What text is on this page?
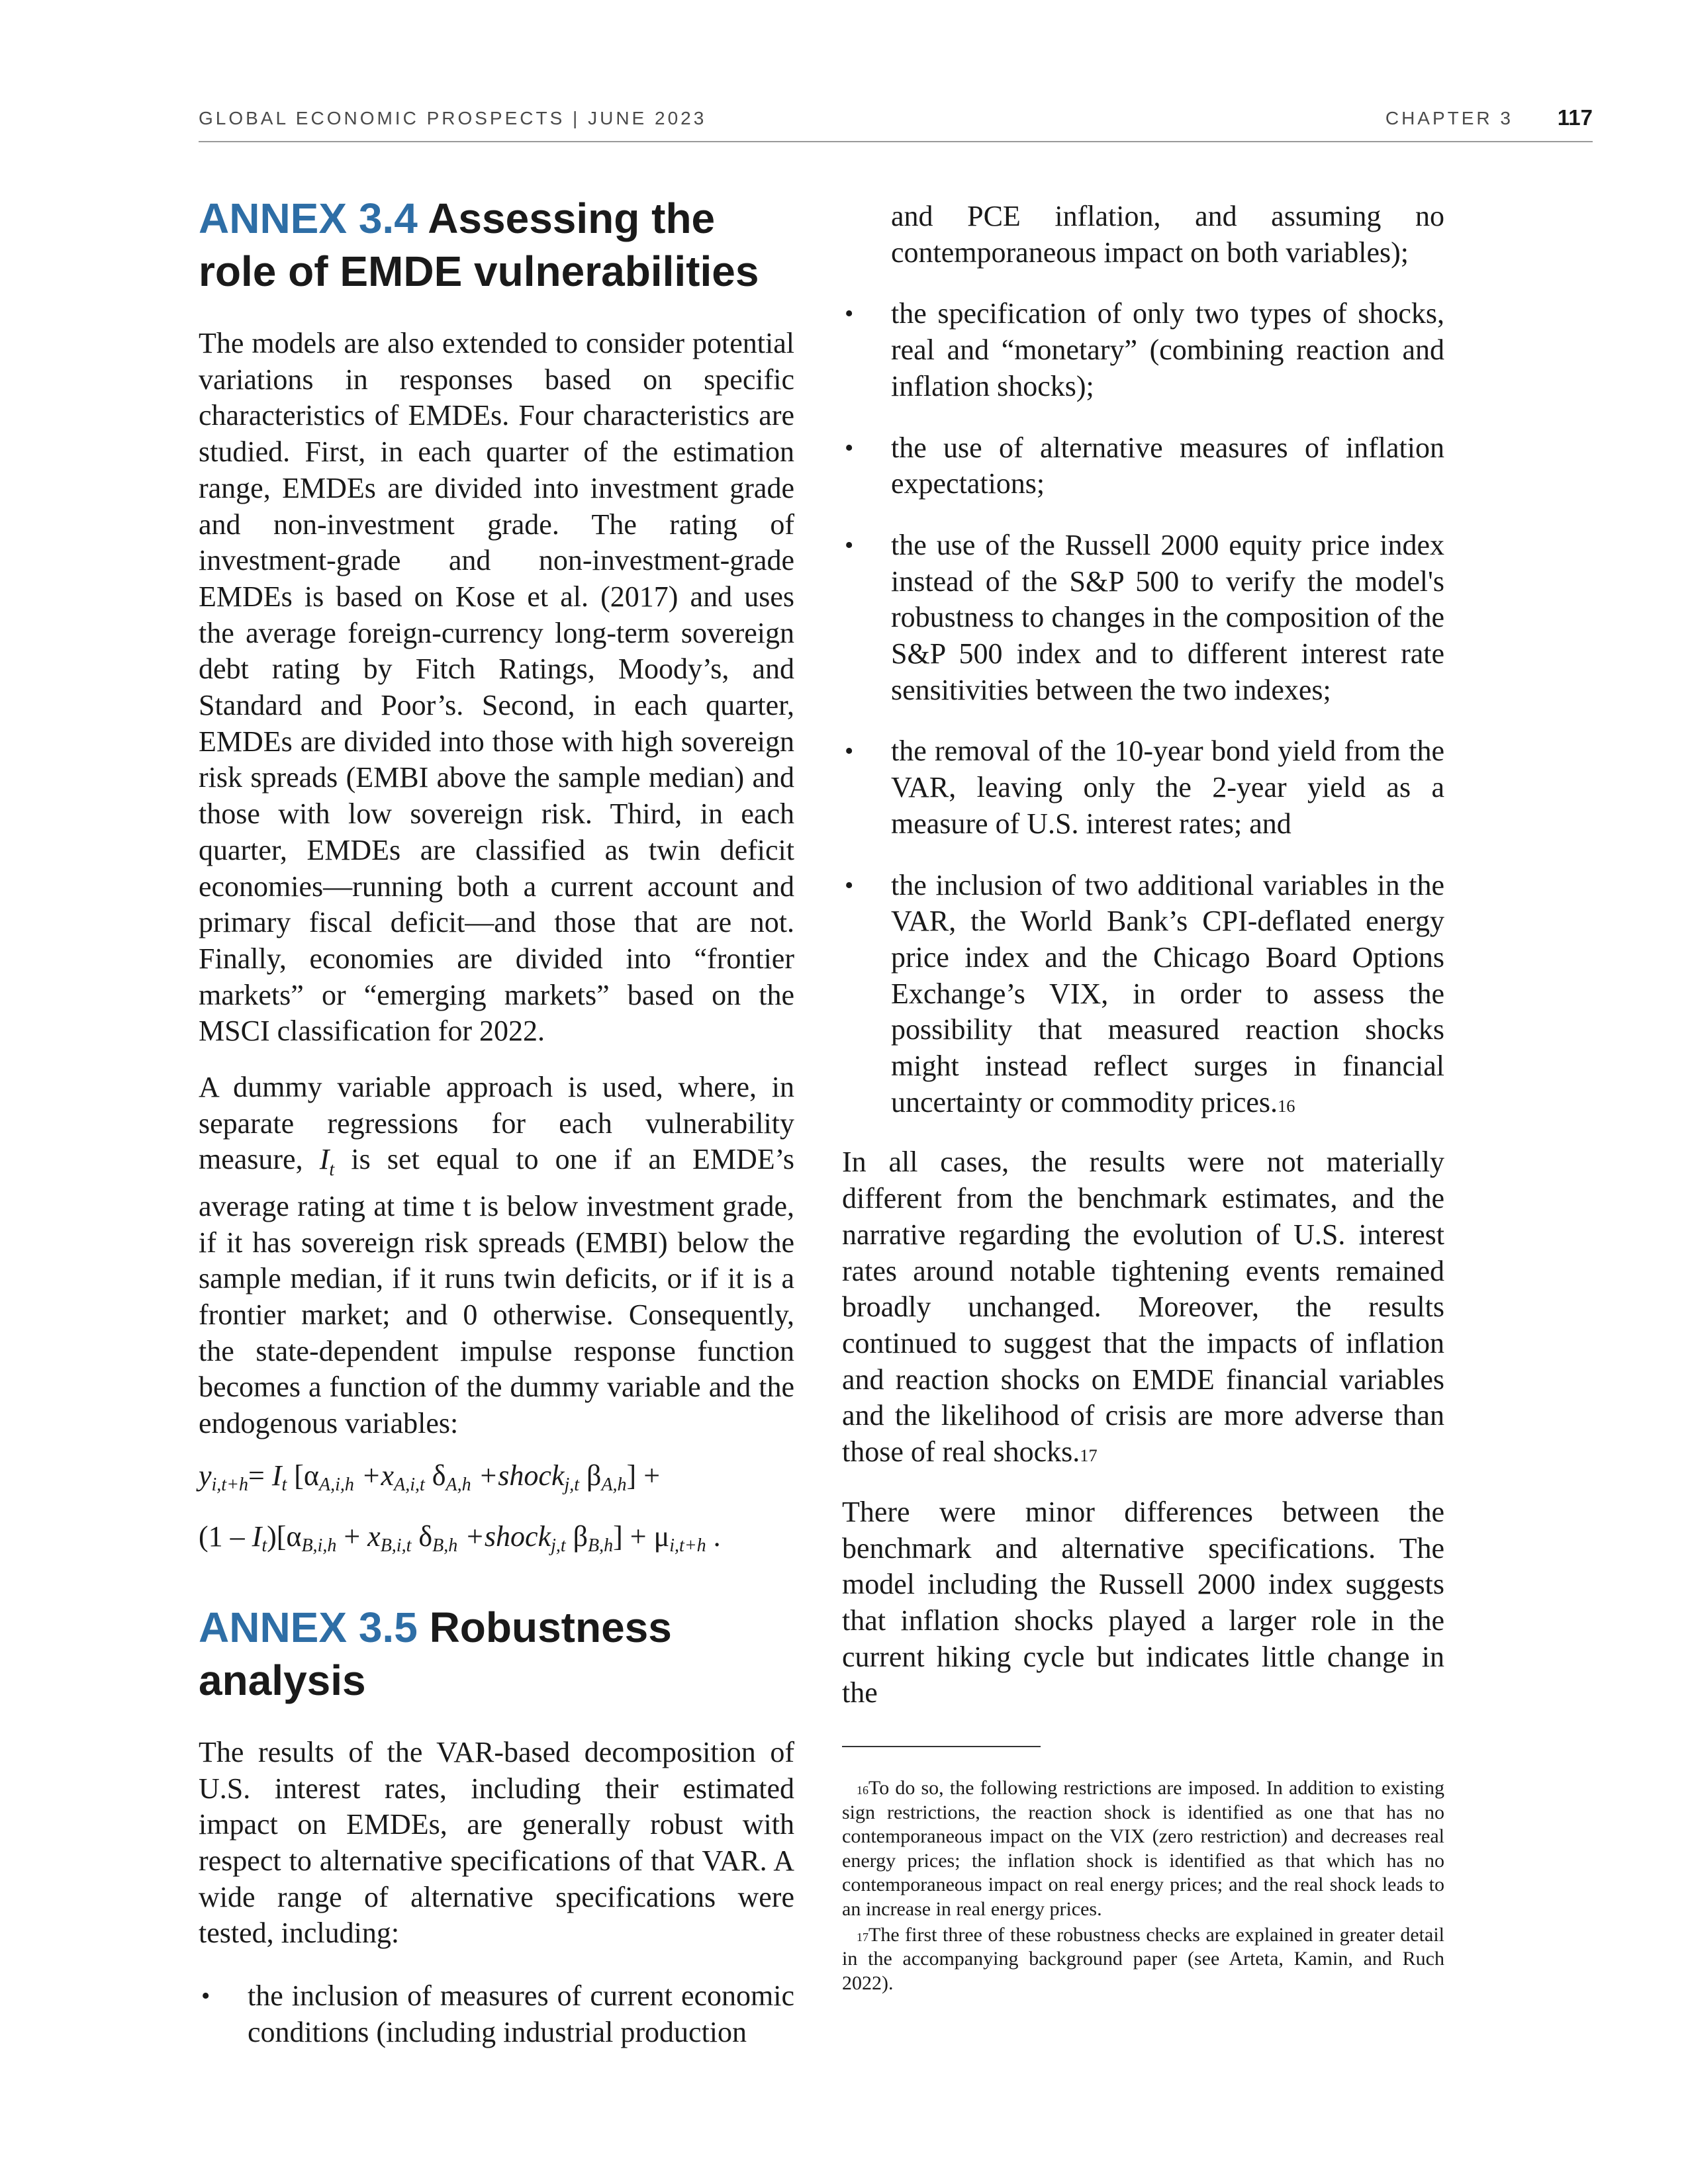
GLOBAL ECONOMIC PROSPECTS | JUNE 2023	CHAPTER 3 117
ANNEX 3.4 Assessing the
role of EMDE vulnerabilities

The models are also extended to consider potential variations in responses based on specific characteristics of EMDEs. Four characteristics are studied. First, in each quarter of the estimation range, EMDEs are divided into investment grade and non-investment grade. The rating of investment-grade and non-investment-grade EMDEs is based on Kose et al. (2017) and uses the average foreign-currency long-term sovereign debt rating by Fitch Ratings, Moody’s, and Standard and Poor’s. Second, in each quarter, EMDEs are divided into those with high sovereign risk spreads (EMBI above the sample median) and those with low sovereign risk. Third, in each quarter, EMDEs are classified as twin deficit economies—running both a current account and primary fiscal deficit—and those that are not. Finally, economies are divided into “frontier markets” or “emerging markets” based on the MSCI classification for 2022.

A dummy variable approach is used, where, in separate regressions for each vulnerability measure, $I_t$ is set equal to one if an EMDE’s average rating at time t is below investment grade, if it has sovereign risk spreads (EMBI) below the sample median, if it runs twin deficits, or if it is a frontier market; and 0 otherwise. Consequently, the state-dependent impulse response function becomes a function of the dummy variable and the endogenous variables:

$y_{i,t+h}= I_t$ [$\alpha_{A,i,h} +x_{A,i,t}$ $\delta_{A,h}$ +shock$_{j,t}$ $\beta_{A,h}$] +

$(1 - I_t)[\alpha_{B,i,h} + x_{B,i,t}$ $\delta_{B,h}$ +shock$_{j,t}$ $\beta_{B,h}] + \mu_{i,t+h}$ .

ANNEX 3.5 Robustness
analysis

The results of the VAR-based decomposition of U.S. interest rates, including their estimated impact on EMDEs, are generally robust with respect to alternative specifications of that VAR. A wide range of alternative specifications were tested, including:

• the inclusion of measures of current economic conditions (including industrial production
and PCE inflation, and assuming no contemporaneous impact on both variables);
• the specification of only two types of shocks, real and “monetary” (combining reaction and inflation shocks);
• the use of alternative measures of inflation expectations;
• the use of the Russell 2000 equity price index instead of the S&P 500 to verify the model's robustness to changes in the composition of the S&P 500 index and to different interest rate sensitivities between the two indexes;
• the removal of the 10-year bond yield from the VAR, leaving only the 2-year yield as a measure of U.S. interest rates; and
• the inclusion of two additional variables in the VAR, the World Bank’s CPI-deflated energy price index and the Chicago Board Options Exchange’s VIX, in order to assess the possibility that measured reaction shocks might instead reflect surges in financial uncertainty or commodity prices.$^{16}$

In all cases, the results were not materially different from the benchmark estimates, and the narrative regarding the evolution of U.S. interest rates around notable tightening events remained broadly unchanged. Moreover, the results continued to suggest that the impacts of inflation and reaction shocks on EMDE financial variables and the likelihood of crisis are more adverse than those of real shocks.$^{17}$

There were minor differences between the benchmark and alternative specifications. The model including the Russell 2000 index suggests that inflation shocks played a larger role in the current hiking cycle but indicates little change in the

$^{16}$To do so, the following restrictions are imposed. In addition to existing sign restrictions, the reaction shock is identified as one that has no contemporaneous impact on the VIX (zero restriction) and decreases real energy prices; the inflation shock is identified as that which has no contemporaneous impact on real energy prices; and the real shock leads to an increase in real energy prices.

$^{17}$The first three of these robustness checks are explained in greater detail in the accompanying background paper (see Arteta, Kamin, and Ruch 2022).
